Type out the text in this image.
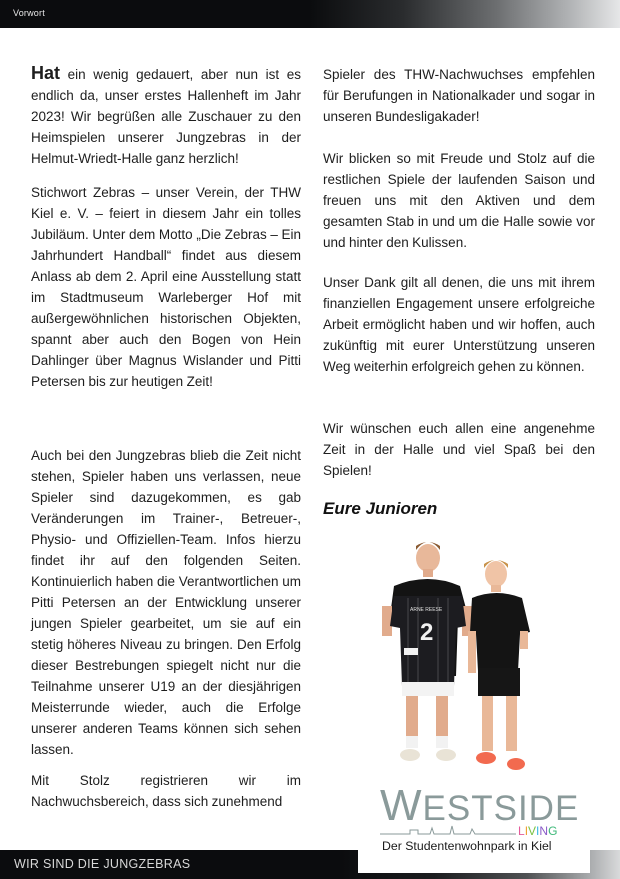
Vorwort

Hat ein wenig gedauert, aber nun ist es endlich da, unser erstes Hallenheft im Jahr 2023! Wir begrüßen alle Zuschauer zu den Heimspielen unserer Jungzebras in der Helmut-Wriedt-Halle ganz herzlich!

Stichwort Zebras – unser Verein, der THW Kiel e. V. – feiert in diesem Jahr ein tolles Jubiläum. Unter dem Motto „Die Zebras – Ein Jahrhundert Handball“ findet aus diesem Anlass ab dem 2. April eine Ausstellung statt im Stadtmuseum Warleberger Hof mit außergewöhnlichen historischen Objekten, spannt aber auch den Bogen von Hein Dahlinger über Magnus Wislander und Pitti Petersen bis zur heutigen Zeit!

Auch bei den Jungzebras blieb die Zeit nicht stehen, Spieler haben uns verlassen, neue Spieler sind dazugekommen, es gab Veränderungen im Trainer-, Betreuer-, Physio- und Offiziellen-Team. Infos hierzu findet ihr auf den folgenden Seiten. Kontinuierlich haben die Verantwortlichen um Pitti Petersen an der Entwicklung unserer jungen Spieler gearbeitet, um sie auf ein stetig höheres Niveau zu bringen. Den Erfolg dieser Bestrebungen spiegelt nicht nur die Teilnahme unserer U19 an der diesjährigen Meisterrunde wieder, auch die Erfolge unserer anderen Teams können sich sehen lassen.

Mit Stolz registrieren wir im Nachwuchsbereich, dass sich zunehmend

Spieler des THW-Nachwuchses empfehlen für Berufungen in Nationalkader und sogar in unseren Bundesligakader!

Wir blicken so mit Freude und Stolz auf die restlichen Spiele der laufenden Saison und freuen uns mit den Aktiven und dem gesamten Stab in und um die Halle sowie vor und hinter den Kulissen.

Unser Dank gilt all denen, die uns mit ihrem finanziellen Engagement unsere erfolgreiche Arbeit ermöglicht haben und wir hoffen, auch zukünftig mit eurer Unterstützung unseren Weg weiterhin erfolgreich gehen zu können.

Wir wünschen euch allen eine angenehme Zeit in der Halle und viel Spaß bei den Spielen!

Eure Junioren
ARNE REESE
2
WIR SIND DIE JUNGZEBRAS
WESTSIDE
LIVING
Der Studentenwohnpark in Kiel
